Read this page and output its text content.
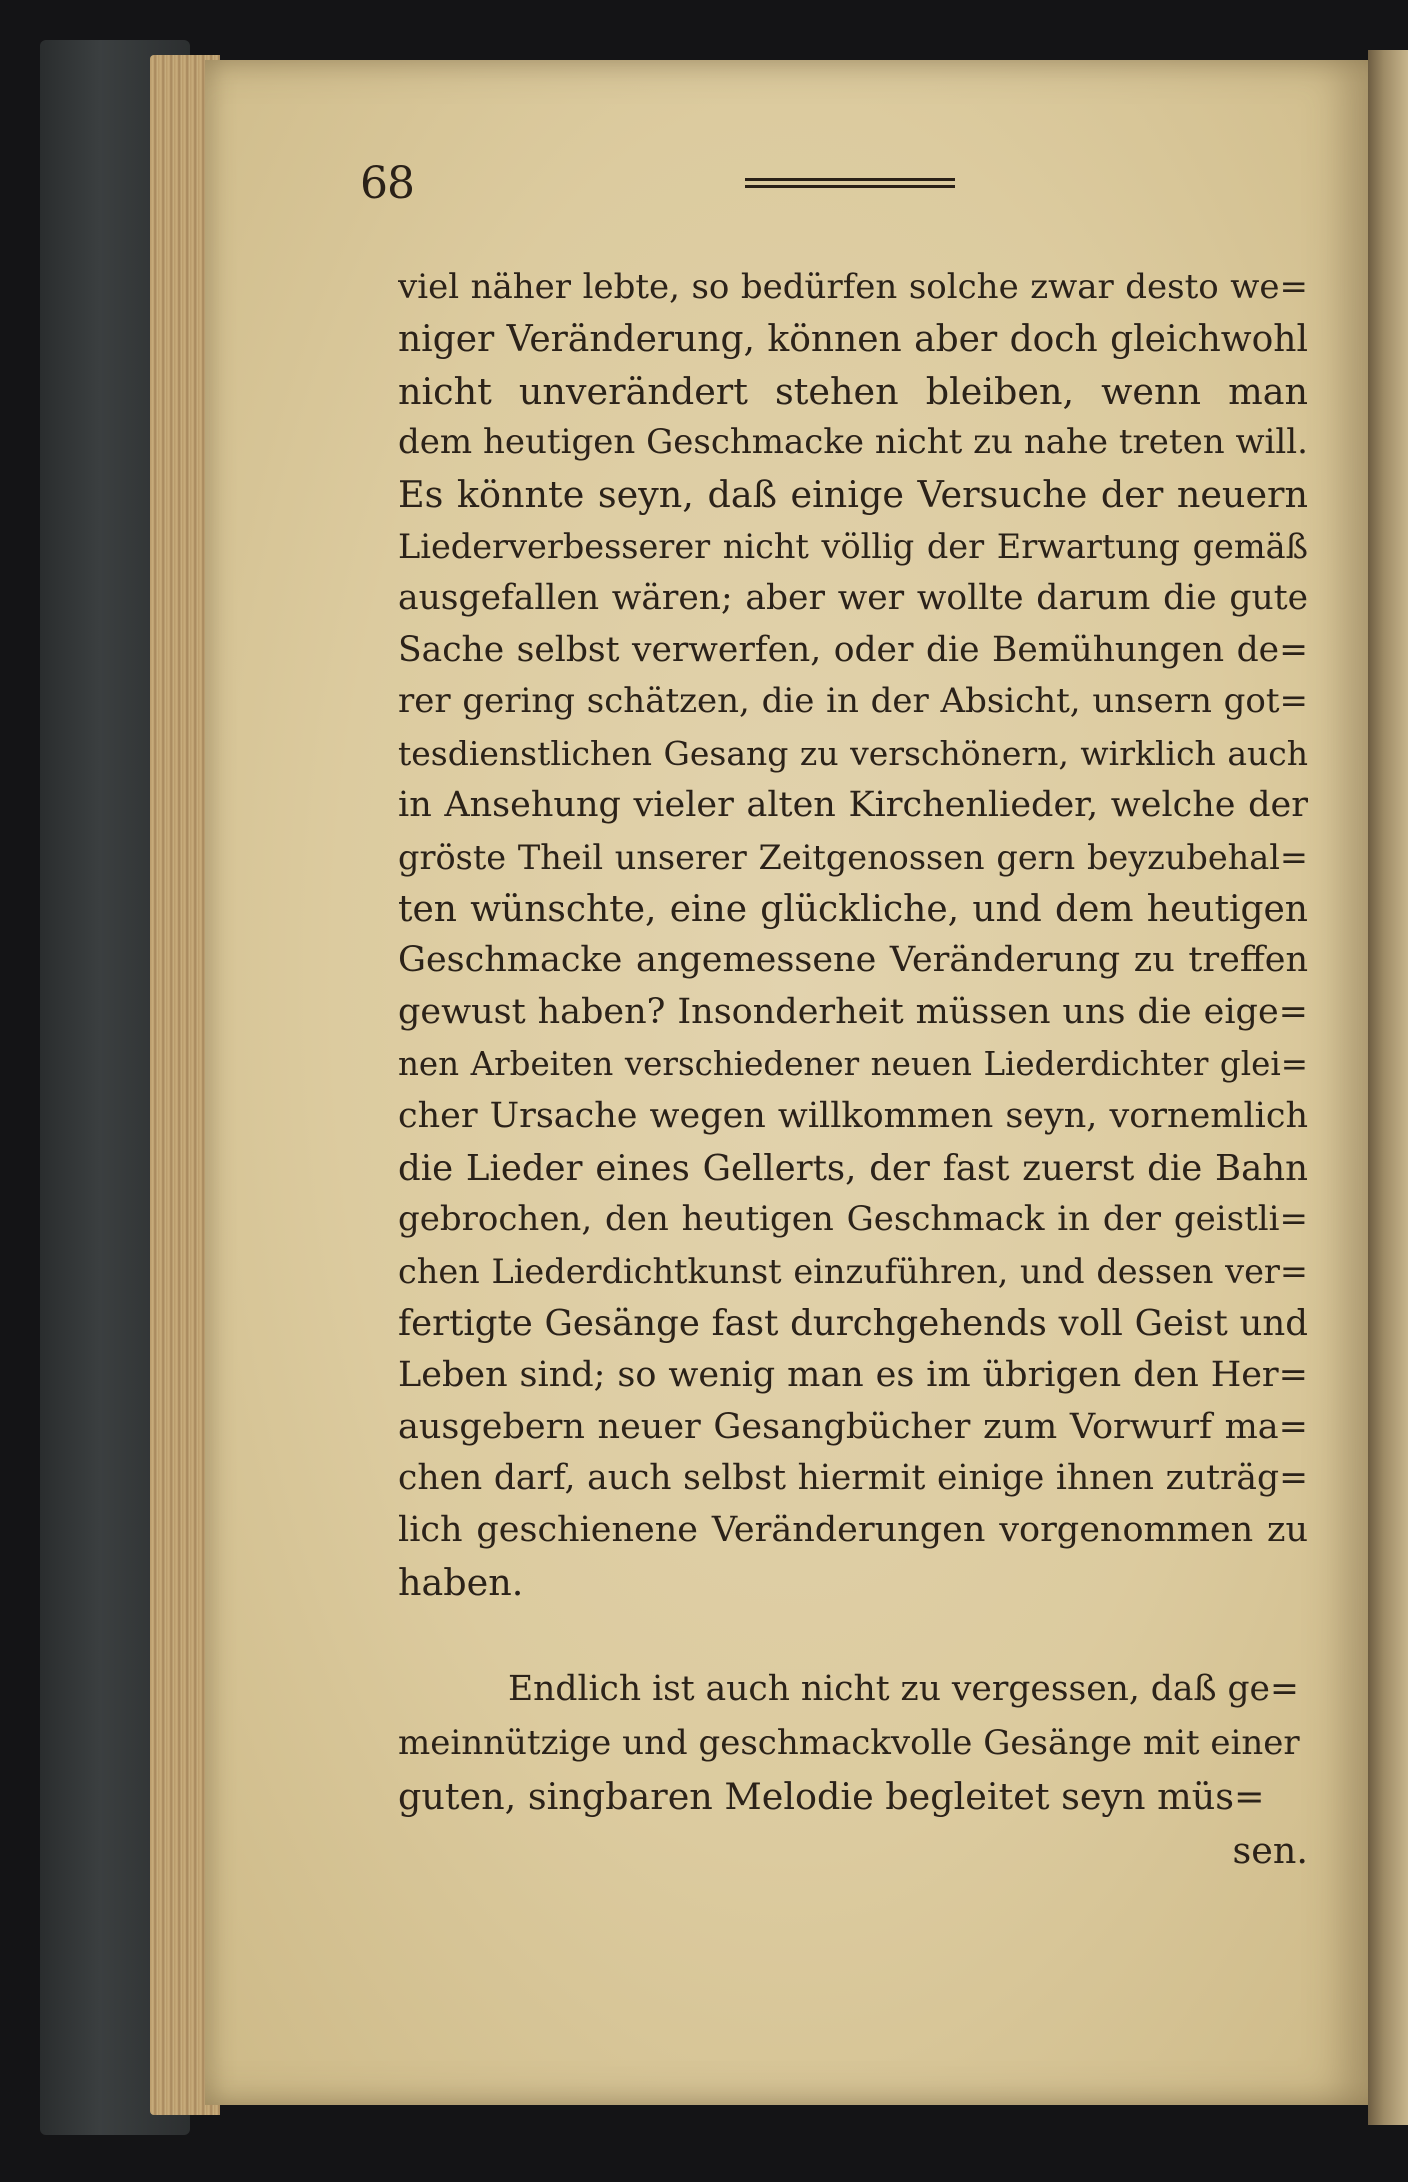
68
viel näher lebte, so bedürfen solche zwar desto we=
niger Veränderung, können aber doch gleichwohl
nicht unverändert stehen bleiben, wenn man
dem heutigen Geschmacke nicht zu nahe treten will.
Es könnte seyn, daß einige Versuche der neuern
Liederverbesserer nicht völlig der Erwartung gemäß
ausgefallen wären; aber wer wollte darum die gute
Sache selbst verwerfen, oder die Bemühungen de=
rer gering schätzen, die in der Absicht, unsern got=
tesdienstlichen Gesang zu verschönern, wirklich auch
in Ansehung vieler alten Kirchenlieder, welche der
gröste Theil unserer Zeitgenossen gern beyzubehal=
ten wünschte, eine glückliche, und dem heutigen
Geschmacke angemessene Veränderung zu treffen
gewust haben? Insonderheit müssen uns die eige=
nen Arbeiten verschiedener neuen Liederdichter glei=
cher Ursache wegen willkommen seyn, vornemlich
die Lieder eines Gellerts, der fast zuerst die Bahn
gebrochen, den heutigen Geschmack in der geistli=
chen Liederdichtkunst einzuführen, und dessen ver=
fertigte Gesänge fast durchgehends voll Geist und
Leben sind; so wenig man es im übrigen den Her=
ausgebern neuer Gesangbücher zum Vorwurf ma=
chen darf, auch selbst hiermit einige ihnen zuträg=
lich geschienene Veränderungen vorgenommen zu
haben.
Endlich ist auch nicht zu vergessen, daß ge=
meinnützige und geschmackvolle Gesänge mit einer
guten, singbaren Melodie begleitet seyn müs=
sen.
